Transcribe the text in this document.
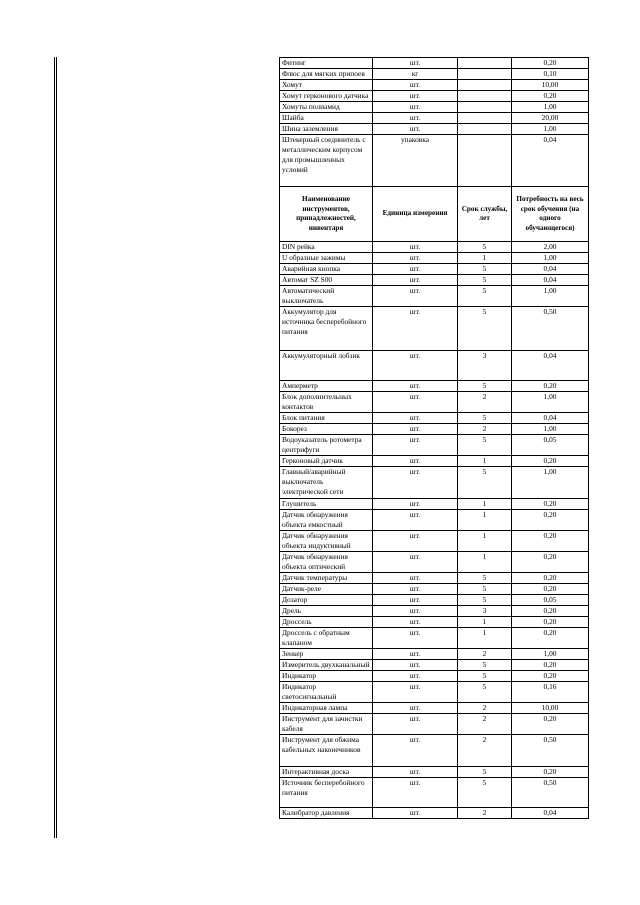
Фитинг	шт.		0,20
Флюс для мягких припоев	кг		0,10
Хомут	шт.		10,00
Хомут герконового датчика	шт.		0,20
Хомуты полиамид	шт.		1,00
Шайба	шт.		20,00
Шина заземления	шт.		1,00
Штекерный соединитель с металлическим корпусом для промышленных условий	упаковка		0,04
Наименование инструментов, принадлежностей, инвентаря	Единица измерения	Срок службы, лет	Потребность на весь срок обучения (на одного обучающегося)
DIN рейка	шт.	5	2,00
U образные зажимы	шт.	1	1,00
Аварийная кнопка	шт.	5	0,04
Автомат SZ S00	шт.	5	0,04
Автоматический выключатель	шт.	5	1,00
Аккумулятор для источника бесперебойного питания	шт.	5	0,50
Аккумуляторный лобзик	шт.	3	0,04
Амперметр	шт.	5	0,20
Блок дополнительных контактов	шт.	2	1,00
Блок питания	шт.	5	0,04
Бокорез	шт.	2	1,00
Водоуказатель ротометра центрифуги	шт.	5	0,05
Герконовый датчик	шт.	1	0,20
Главный/аварийный выключатель электрической сети	шт.	5	1,00
Глушитель	шт.	1	0,20
Датчик обнаружения объекта емкостный	шт.	1	0,20
Датчик обнаружения объекта индуктивный	шт.	1	0,20
Датчик обнаружения объекта оптический	шт.	1	0,20
Датчик температуры	шт.	5	0,20
Датчик-реле	шт.	5	0,20
Дозатор	шт.	5	0,05
Дрель	шт.	3	0,20
Дроссель	шт.	1	0,20
Дроссель с обратным клапаном	шт.	1	0,20
Зенкер	шт.	2	1,00
Измеритель двухканальный	шт.	5	0,20
Индикатор	шт.	5	0,20
Индикатор светосигнальный	шт.	5	0,16
Индикаторная лампа	шт.	2	10,00
Инструмент для зачистки кабеля	шт.	2	0,20
Инструмент для обжима кабельных наконечников	шт.	2	0,50
Интерактивная доска	шт.	5	0,20
Источник бесперебойного питания	шт.	5	0,50
Калибратор давления	шт.	2	0,04
